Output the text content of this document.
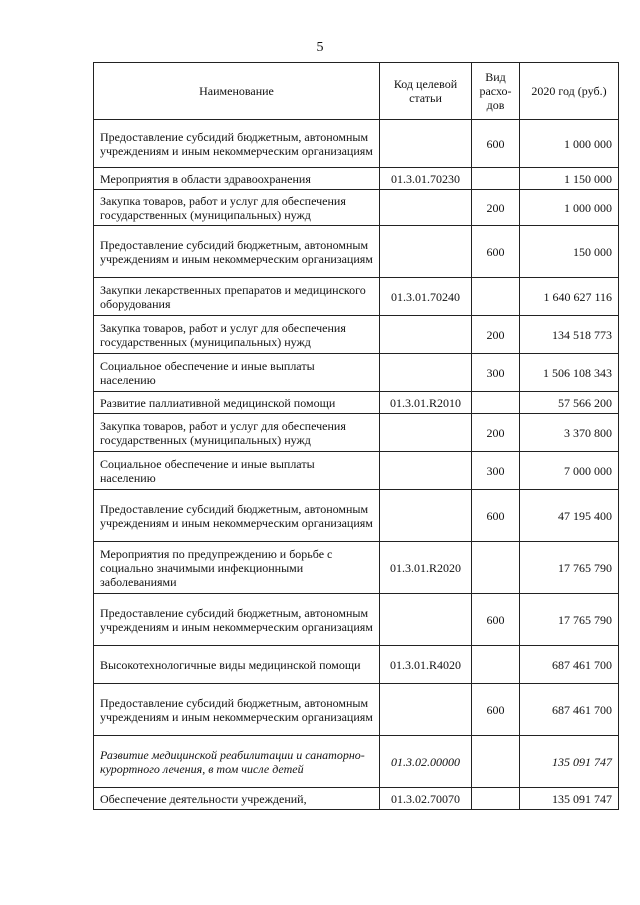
5
Наименование	Код целевой статьи	Вид расхо-дов	2020 год (руб.)
Предоставление субсидий бюджетным, автономным учреждениям и иным некоммерческим организациям		600	1 000 000
Мероприятия в области здравоохранения	01.3.01.70230		1 150 000
Закупка товаров, работ и услуг для обеспечения государственных (муниципальных) нужд		200	1 000 000
Предоставление субсидий бюджетным, автономным учреждениям и иным некоммерческим организациям		600	150 000
Закупки лекарственных препаратов и медицинского оборудования	01.3.01.70240		1 640 627 116
Закупка товаров, работ и услуг для обеспечения государственных (муниципальных) нужд		200	134 518 773
Социальное обеспечение и иные выплаты населению		300	1 506 108 343
Развитие паллиативной медицинской помощи	01.3.01.R2010		57 566 200
Закупка товаров, работ и услуг для обеспечения государственных (муниципальных) нужд		200	3 370 800
Социальное обеспечение и иные выплаты населению		300	7 000 000
Предоставление субсидий бюджетным, автономным учреждениям и иным некоммерческим организациям		600	47 195 400
Мероприятия по предупреждению и борьбе с социально значимыми инфекционными заболеваниями	01.3.01.R2020		17 765 790
Предоставление субсидий бюджетным, автономным учреждениям и иным некоммерческим организациям		600	17 765 790
Высокотехнологичные виды медицинской помощи	01.3.01.R4020		687 461 700
Предоставление субсидий бюджетным, автономным учреждениям и иным некоммерческим организациям		600	687 461 700
Развитие медицинской реабилитации и санаторно-курортного лечения, в том числе детей	01.3.02.00000		135 091 747
Обеспечение деятельности учреждений,	01.3.02.70070		135 091 747
